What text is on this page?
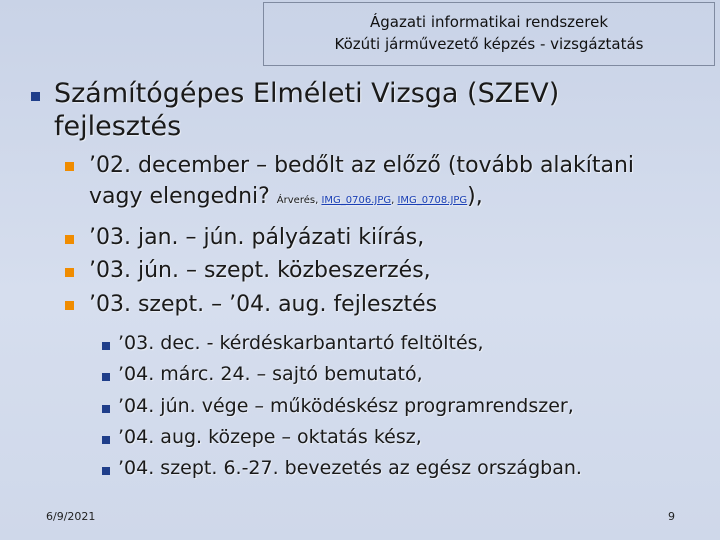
Ágazati informatikai rendszerek
Közúti járművezető képzés - vizsgáztatás
Számítógépes Elméleti Vizsga (SZEV)
fejlesztés
’02. december – bedőlt az előző (tovább alakítani
vagy elengedni? Árverés, IMG_0706.JPG, IMG_0708.JPG),
’03. jan. – jún. pályázati kiírás,
’03. jún. – szept. közbeszerzés,
’03. szept. – ’04. aug. fejlesztés
’03. dec. - kérdéskarbantartó feltöltés,
’04. márc. 24. – sajtó bemutató,
’04. jún. vége – működéskész programrendszer,
’04. aug. közepe – oktatás kész,
’04. szept. 6.-27. bevezetés az egész országban.
6/9/2021	9
